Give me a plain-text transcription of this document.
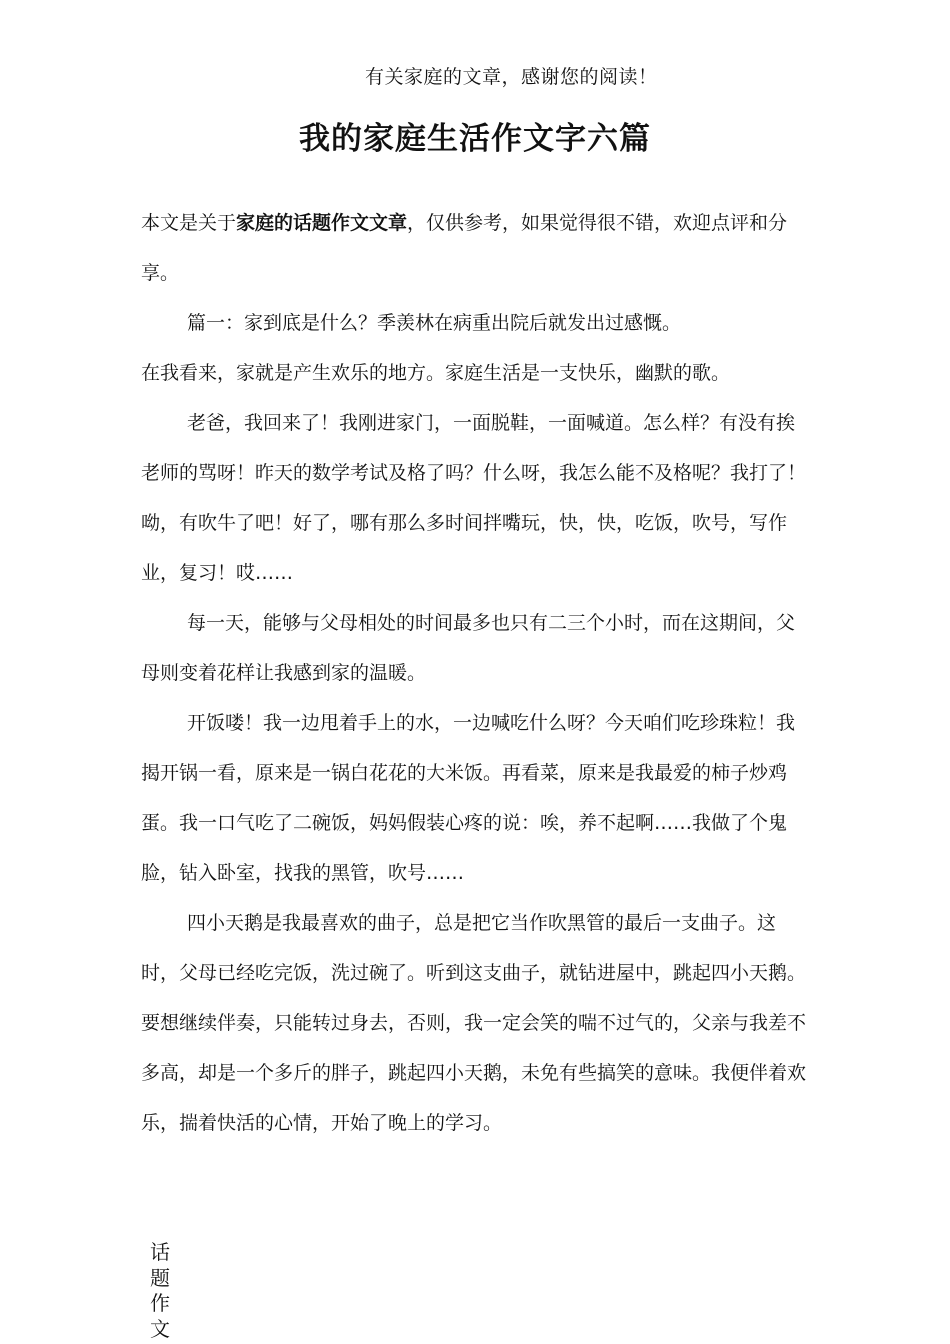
有关家庭的文章，感谢您的阅读！
我的家庭生活作文字六篇

本文是关于家庭的话题作文文章，仅供参考，如果觉得很不错，欢迎点评和分享。

篇一：家到底是什么？季羡林在病重出院后就发出过感慨。

在我看来，家就是产生欢乐的地方。家庭生活是一支快乐，幽默的歌。

老爸，我回来了！我刚进家门，一面脱鞋，一面喊道。怎么样？有没有挨老师的骂呀！昨天的数学考试及格了吗？什么呀，我怎么能不及格呢？我打了！呦，有吹牛了吧！好了，哪有那么多时间拌嘴玩，快，快，吃饭，吹号，写作业，复习！哎……

每一天，能够与父母相处的时间最多也只有二三个小时，而在这期间，父母则变着花样让我感到家的温暖。

开饭喽！我一边甩着手上的水，一边喊吃什么呀？今天咱们吃珍珠粒！我揭开锅一看，原来是一锅白花花的大米饭。再看菜，原来是我最爱的柿子炒鸡蛋。我一口气吃了二碗饭，妈妈假装心疼的说：唉，养不起啊……我做了个鬼脸，钻入卧室，找我的黑管，吹号……

四小天鹅是我最喜欢的曲子，总是把它当作吹黑管的最后一支曲子。这时，父母已经吃完饭，洗过碗了。听到这支曲子，就钻进屋中，跳起四小天鹅。要想继续伴奏，只能转过身去，否则，我一定会笑的喘不过气的，父亲与我差不多高，却是一个多斤的胖子，跳起四小天鹅，未免有些搞笑的意味。我便伴着欢乐，揣着快活的心情，开始了晚上的学习。

话题作文
